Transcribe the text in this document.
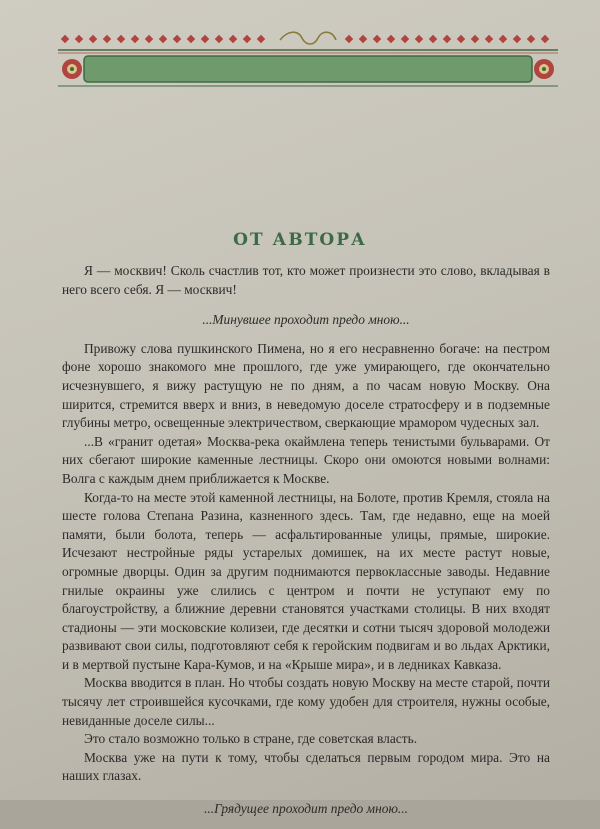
ОТ АВТОРА

Я — москвич! Сколь счастлив тот, кто может произнести это слово, вкладывая в него всего себя. Я — москвич!

...Минувшее проходит предо мною...

Привожу слова пушкинского Пимена, но я его несравненно богаче: на пестром фоне хорошо знакомого мне прошлого, где уже умирающего, где окончательно исчезнувшего, я вижу растущую не по дням, а по часам новую Москву. Она ширится, стремится вверх и вниз, в неведомую доселе стратосферу и в подземные глубины метро, освещенные электричеством, сверкающие мрамором чудесных зал.

...В «гранит одетая» Москва-река окаймлена теперь тенистыми бульварами. От них сбегают широкие каменные лестницы. Скоро они омоются новыми волнами: Волга с каждым днем приближается к Москве.

Когда-то на месте этой каменной лестницы, на Болоте, против Кремля, стояла на шесте голова Степана Разина, казненного здесь. Там, где недавно, еще на моей памяти, были болота, теперь — асфальтированные улицы, прямые, широкие. Исчезают нестройные ряды устарелых домишек, на их месте растут новые, огромные дворцы. Один за другим поднимаются первоклассные заводы. Недавние гнилые окраины уже слились с центром и почти не уступают ему по благоустройству, а ближние деревни становятся участками столицы. В них входят стадионы — эти московские колизеи, где десятки и сотни тысяч здоровой молодежи развивают свои силы, подготовляют себя к геройским подвигам и во льдах Арктики, и в мертвой пустыне Кара-Кумов, и на «Крыше мира», и в ледниках Кавказа.

Москва вводится в план. Но чтобы создать новую Москву на месте старой, почти тысячу лет строившейся кусочками, где кому удобен для строителя, нужны особые, невиданные доселе силы...

Это стало возможно только в стране, где советская власть.

Москва уже на пути к тому, чтобы сделаться первым городом мира. Это на наших глазах.

...Грядущее проходит предо мною...
